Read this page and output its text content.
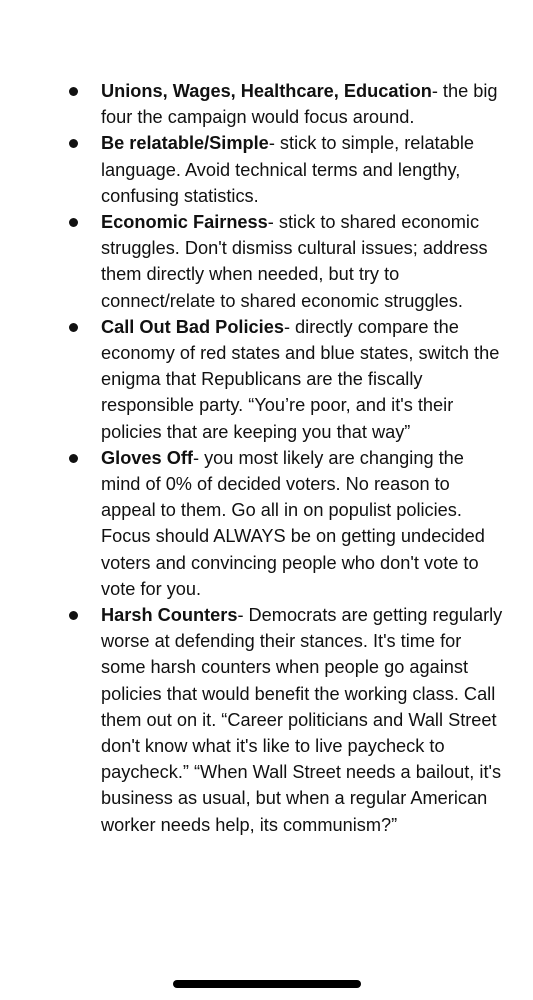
Unions, Wages, Healthcare, Education- the big four the campaign would focus around.
Be relatable/Simple- stick to simple, relatable language. Avoid technical terms and lengthy, confusing statistics.
Economic Fairness- stick to shared economic struggles. Don't dismiss cultural issues; address them directly when needed, but try to connect/relate to shared economic struggles.
Call Out Bad Policies- directly compare the economy of red states and blue states, switch the enigma that Republicans are the fiscally responsible party. “You’re poor, and it's their policies that are keeping you that way”
Gloves Off- you most likely are changing the mind of 0% of decided voters. No reason to appeal to them. Go all in on populist policies. Focus should ALWAYS be on getting undecided voters and convincing people who don't vote to vote for you.
Harsh Counters- Democrats are getting regularly worse at defending their stances. It's time for some harsh counters when people go against policies that would benefit the working class. Call them out on it. “Career politicians and Wall Street don't know what it's like to live paycheck to paycheck.” “When Wall Street needs a bailout, it's business as usual, but when a regular American worker needs help, its communism?”
